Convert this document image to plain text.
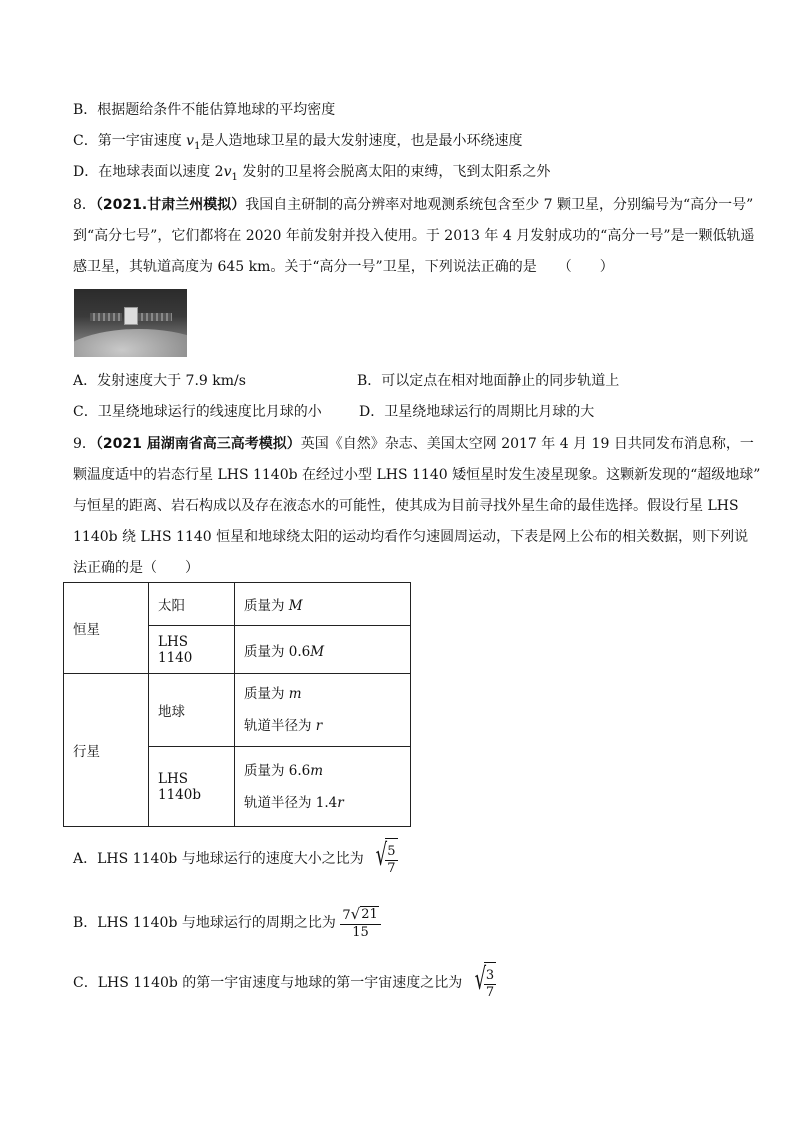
B．根据题给条件不能估算地球的平均密度
C．第一宇宙速度 $v_1$是人造地球卫星的最大发射速度，也是最小环绕速度
D．在地球表面以速度 $2v_1$ 发射的卫星将会脱离太阳的束缚，飞到太阳系之外
8．（2021.甘肃兰州模拟）我国自主研制的高分辨率对地观测系统包含至少 7 颗卫星，分别编号为“高分一号”
到“高分七号”，它们都将在 2020 年前发射并投入使用。于 2013 年 4 月发射成功的“高分一号”是一颗低轨遥
感卫星，其轨道高度为 645 km。关于“高分一号”卫星，下列说法正确的是　　（　　）
A．发射速度大于 7.9 km/s	B．可以定点在相对地面静止的同步轨道上
C．卫星绕地球运行的线速度比月球的小	D．卫星绕地球运行的周期比月球的大
9．（2021 届湖南省高三高考模拟）英国《自然》杂志、美国太空网 2017 年 4 月 19 日共同发布消息称，一
颗温度适中的岩态行星 LHS 1140b 在经过小型 LHS 1140 矮恒星时发生凌星现象。这颗新发现的“超级地球”
与恒星的距离、岩石构成以及存在液态水的可能性，使其成为目前寻找外星生命的最佳选择。假设行星 LHS
1140b 绕 LHS 1140 恒星和地球绕太阳的运动均看作匀速圆周运动，下表是网上公布的相关数据，则下列说
法正确的是（　　）
恒星	太阳	质量为 M
	LHS 1140	质量为 0.6M
行星	地球	质量为 m
轨道半径为 r

	LHS 1140b	质量为 6.6m
轨道半径为 1.4r
A．LHS 1140b 与地球运行的速度大小之比为 √
$\frac{5}{7}$
B．LHS 1140b 与地球运行的周期之比为 $\frac{7 √ 21}{15}$
C．LHS 1140b 的第一宇宙速度与地球的第一宇宙速度之比为 √
$\frac{3}{7}$
